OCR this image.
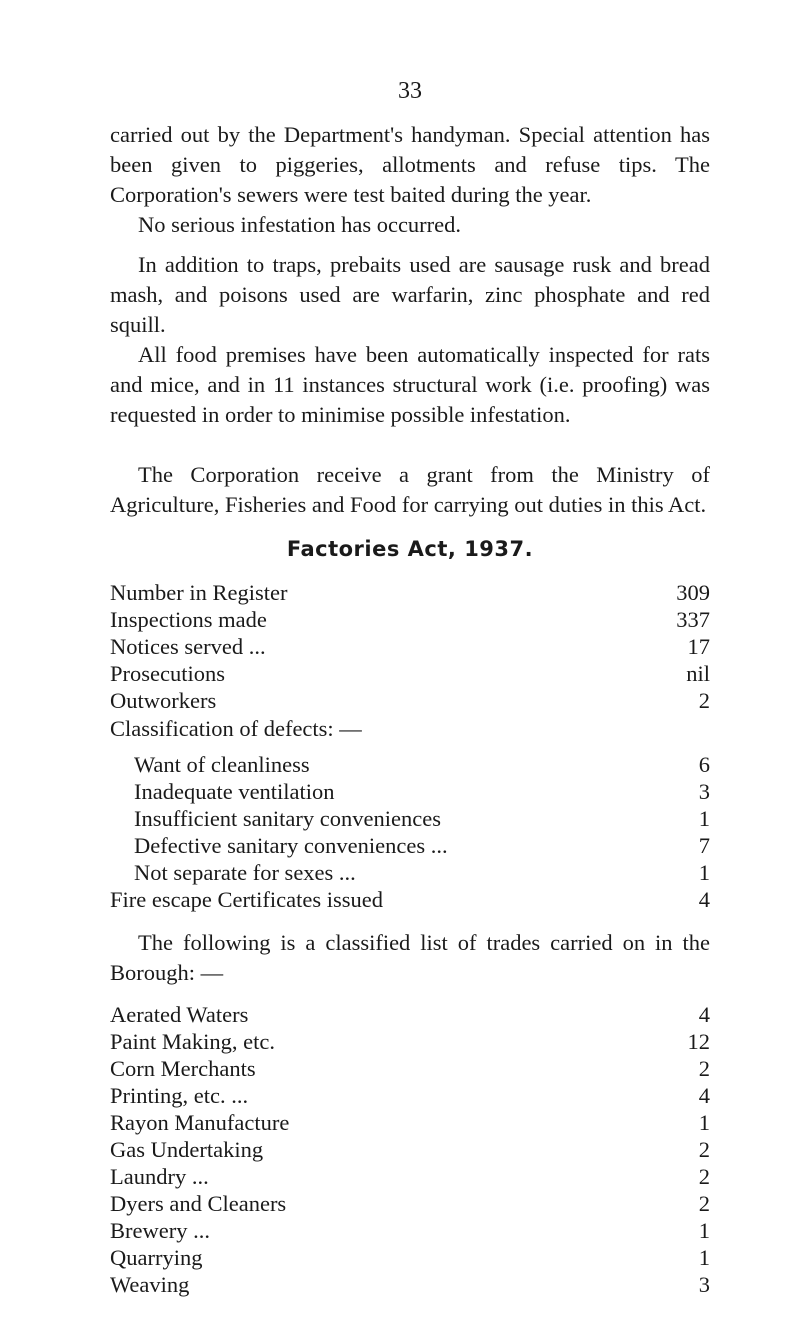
33

carried out by the Department's handyman. Special attention has been given to piggeries, allotments and refuse tips. The Corporation's sewers were test baited during the year.

No serious infestation has occurred.

In addition to traps, prebaits used are sausage rusk and bread mash, and poisons used are warfarin, zinc phosphate and red squill.

All food premises have been automatically inspected for rats and mice, and in 11 instances structural work (i.e. proofing) was requested in order to minimise possible infestation.

The Corporation receive a grant from the Ministry of Agriculture, Fisheries and Food for carrying out duties in this Act.

Factories Act, 1937.
Number in Register	309
Inspections made	337
Notices served ...	17
Prosecutions	nil
Outworkers	2
Classification of defects: —
Want of cleanliness	6
Inadequate ventilation	3
Insufficient sanitary conveniences	1
Defective sanitary conveniences ...	7
Not separate for sexes ...	1
Fire escape Certificates issued	4

The following is a classified list of trades carried on in the Borough: —

Aerated Waters	4
Paint Making, etc.	12
Corn Merchants	2
Printing, etc. ...	4
Rayon Manufacture	1
Gas Undertaking	2
Laundry ...	2
Dyers and Cleaners	2
Brewery ...	1
Quarrying	1
Weaving	3
